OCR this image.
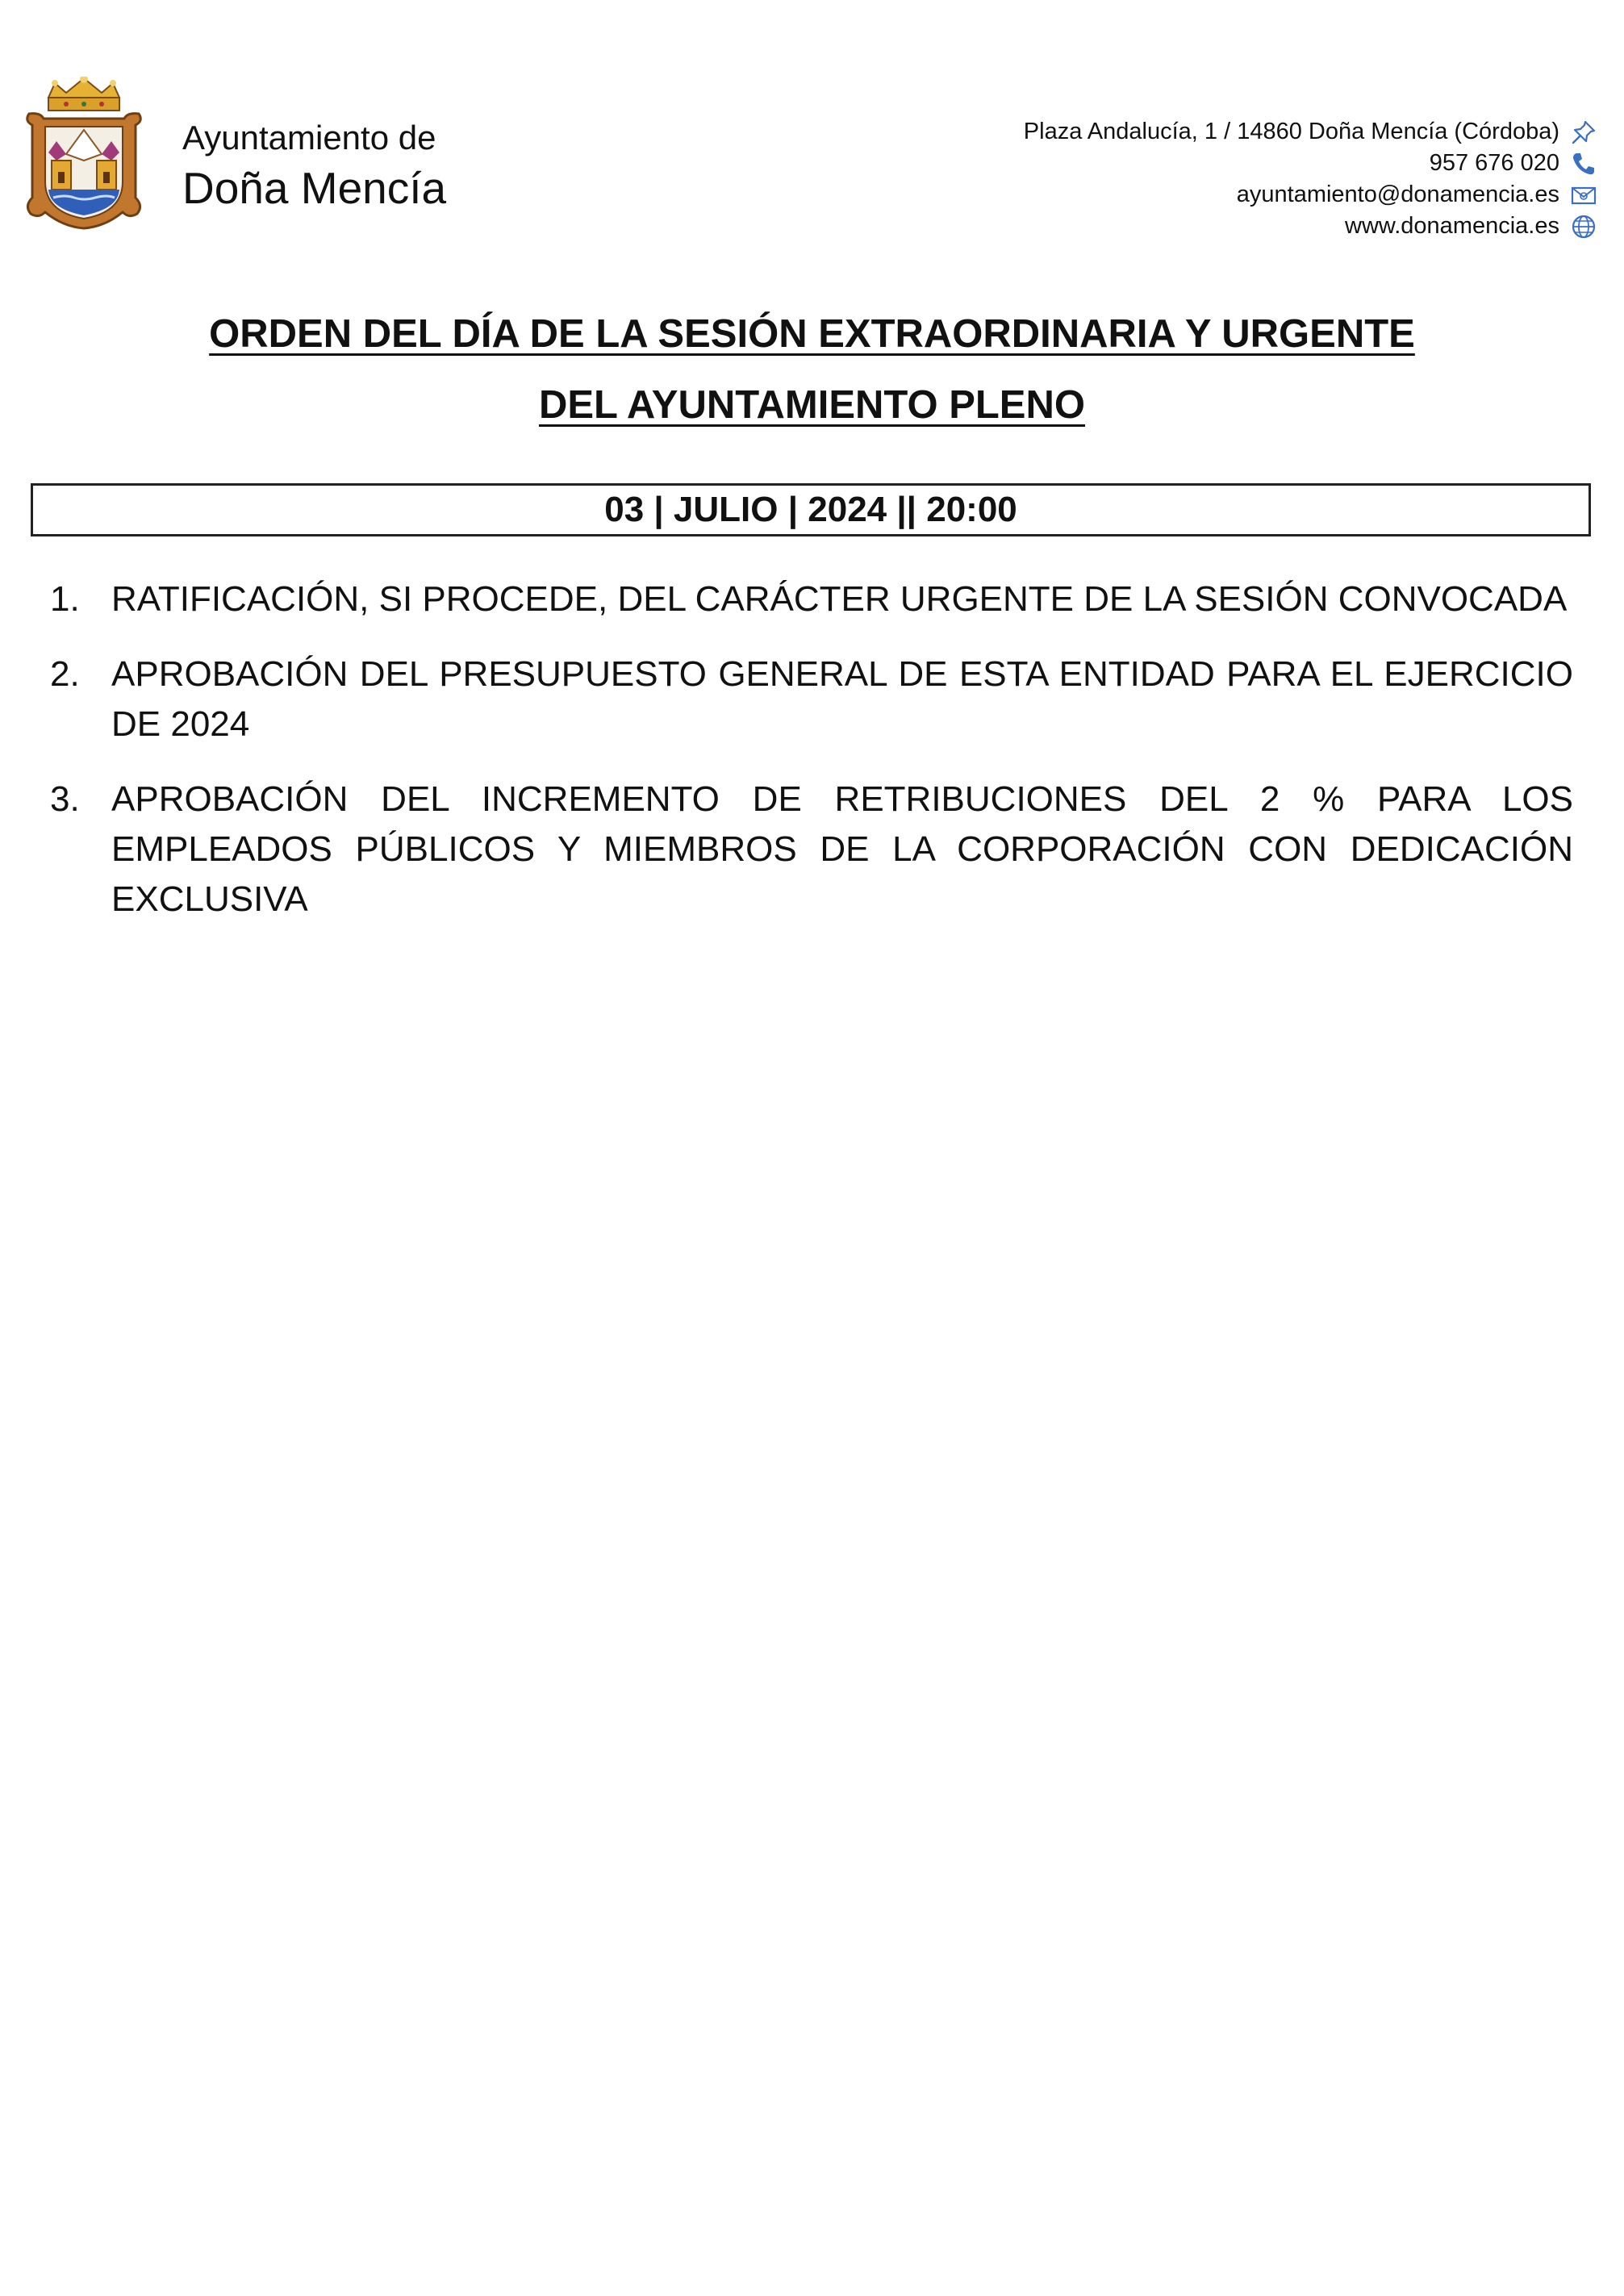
Ayuntamiento de
Doña Mencía
Plaza Andalucía, 1 / 14860 Doña Mencía (Córdoba)
957 676 020
ayuntamiento@donamencia.es
www.donamencia.es
ORDEN DEL DÍA DE LA SESIÓN EXTRAORDINARIA Y URGENTE
DEL AYUNTAMIENTO PLENO
03 | JULIO | 2024 || 20:00
1. RATIFICACIÓN, SI PROCEDE, DEL CARÁCTER URGENTE DE LA SESIÓN CONVOCADA
2. APROBACIÓN DEL PRESUPUESTO GENERAL DE ESTA ENTIDAD PARA EL EJERCICIO DE 2024
3. APROBACIÓN DEL INCREMENTO DE RETRIBUCIONES DEL 2 % PARA LOS EMPLEADOS PÚBLICOS Y MIEMBROS DE LA CORPORACIÓN CON DEDICACIÓN EXCLUSIVA
